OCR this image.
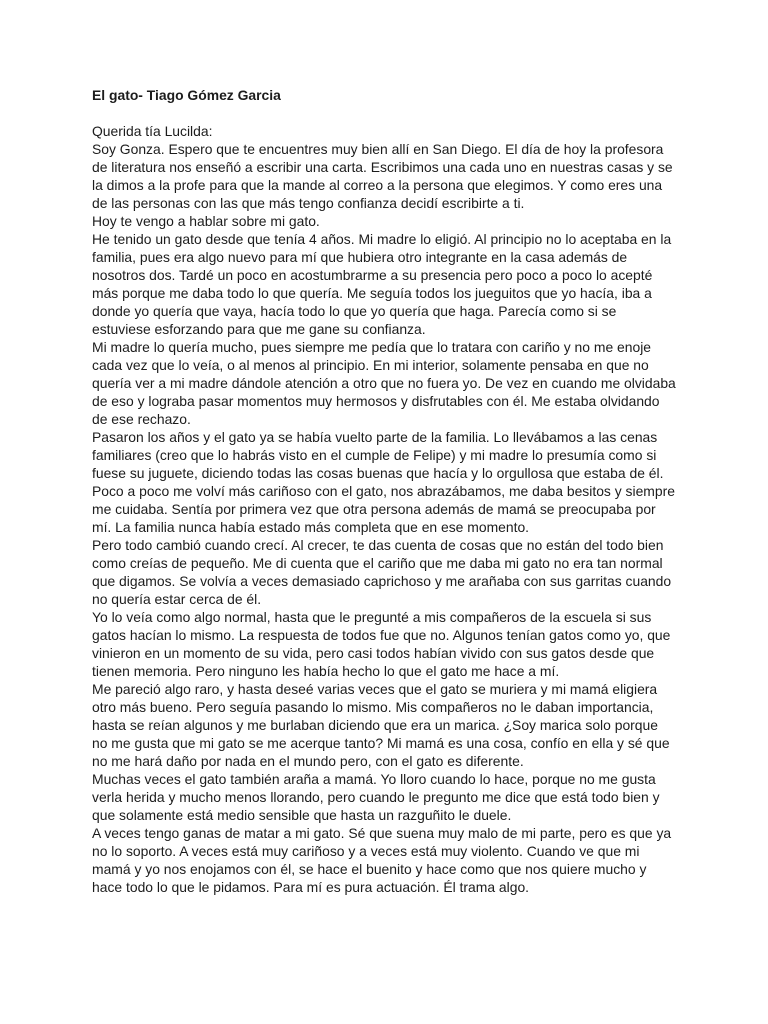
El gato- Tiago Gómez Garcia

Querida tía Lucilda:

Soy Gonza. Espero que te encuentres muy bien allí en San Diego. El día de hoy la profesora de literatura nos enseñó a escribir una carta. Escribimos una cada uno en nuestras casas y se la dimos a la profe para que la mande al correo a la persona que elegimos. Y como eres una de las personas con las que más tengo confianza decidí escribirte a ti.

Hoy te vengo a hablar sobre mi gato.

He tenido un gato desde que tenía 4 años. Mi madre lo eligió. Al principio no lo aceptaba en la familia, pues era algo nuevo para mí que hubiera otro integrante en la casa además de nosotros dos. Tardé un poco en acostumbrarme a su presencia pero poco a poco lo acepté más porque me daba todo lo que quería. Me seguía todos los jueguitos que yo hacía, iba a donde yo quería que vaya, hacía todo lo que yo quería que haga. Parecía como si se estuviese esforzando para que me gane su confianza.

Mi madre lo quería mucho, pues siempre me pedía que lo tratara con cariño y no me enoje cada vez que lo veía, o al menos al principio. En mi interior, solamente pensaba en que no quería ver a mi madre dándole atención a otro que no fuera yo. De vez en cuando me olvidaba de eso y lograba pasar momentos muy hermosos y disfrutables con él. Me estaba olvidando de ese rechazo.

Pasaron los años y el gato ya se había vuelto parte de la familia. Lo llevábamos a las cenas familiares (creo que lo habrás visto en el cumple de Felipe) y mi madre lo presumía como si fuese su juguete, diciendo todas las cosas buenas que hacía y lo orgullosa que estaba de él.

Poco a poco me volví más cariñoso con el gato, nos abrazábamos, me daba besitos y siempre me cuidaba. Sentía por primera vez que otra persona además de mamá se preocupaba por mí. La familia nunca había estado más completa que en ese momento.

Pero todo cambió cuando crecí. Al crecer, te das cuenta de cosas que no están del todo bien como creías de pequeño. Me di cuenta que el cariño que me daba mi gato no era tan normal que digamos. Se volvía a veces demasiado caprichoso y me arañaba con sus garritas cuando no quería estar cerca de él.

Yo lo veía como algo normal, hasta que le pregunté a mis compañeros de la escuela si sus gatos hacían lo mismo. La respuesta de todos fue que no. Algunos tenían gatos como yo, que vinieron en un momento de su vida, pero casi todos habían vivido con sus gatos desde que tienen memoria. Pero ninguno les había hecho lo que el gato me hace a mí.

Me pareció algo raro, y hasta deseé varias veces que el gato se muriera y mi mamá eligiera otro más bueno. Pero seguía pasando lo mismo. Mis compañeros no le daban importancia, hasta se reían algunos y me burlaban diciendo que era un marica. ¿Soy marica solo porque no me gusta que mi gato se me acerque tanto? Mi mamá es una cosa, confío en ella y sé que no me hará daño por nada en el mundo pero, con el gato es diferente.

Muchas veces el gato también araña a mamá. Yo lloro cuando lo hace, porque no me gusta verla herida y mucho menos llorando, pero cuando le pregunto me dice que está todo bien y que solamente está medio sensible que hasta un razguñito le duele.

A veces tengo ganas de matar a mi gato. Sé que suena muy malo de mi parte, pero es que ya no lo soporto. A veces está muy cariñoso y a veces está muy violento. Cuando ve que mi mamá y yo nos enojamos con él, se hace el buenito y hace como que nos quiere mucho y hace todo lo que le pidamos. Para mí es pura actuación. Él trama algo.
